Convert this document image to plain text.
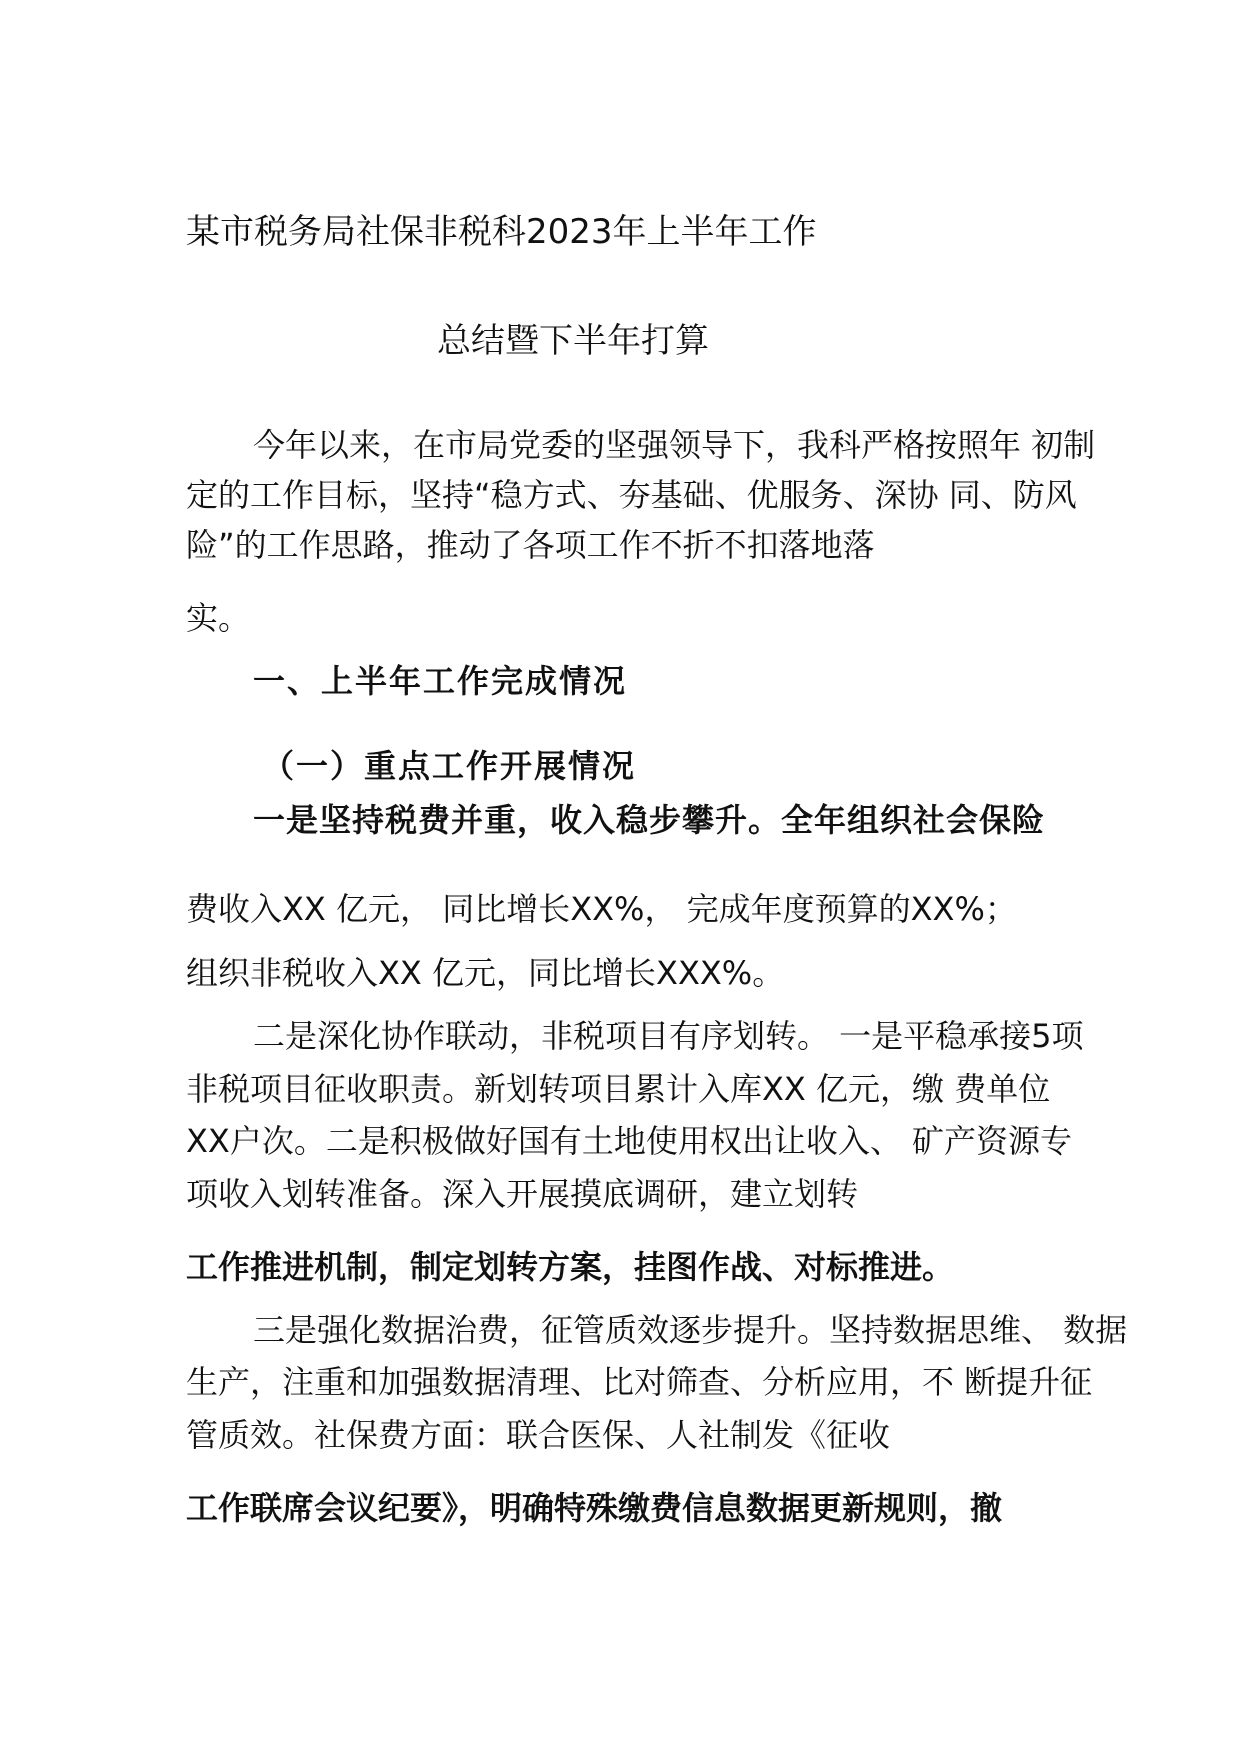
某市税务局社保非税科2023年上半年工作
总结暨下半年打算
今年以来，在市局党委的坚强领导下，我科严格按照年 初制
定的工作目标，坚持“稳方式、夯基础、优服务、深协 同、防风
险”的工作思路，推动了各项工作不折不扣落地落
实。
一、上半年工作完成情况
（一）重点工作开展情况
一是坚持税费并重，收入稳步攀升。全年组织社会保险
费收入XX 亿元， 同比增长XX%， 完成年度预算的XX%；
组织非税收入XX 亿元，同比增长XXX%。
二是深化协作联动，非税项目有序划转。 一是平稳承接5项
非税项目征收职责。新划转项目累计入库XX 亿元，缴 费单位
XX户次。二是积极做好国有土地使用权出让收入、 矿产资源专
项收入划转准备。深入开展摸底调研，建立划转
工作推进机制，制定划转方案，挂图作战、对标推进。
三是强化数据治费，征管质效逐步提升。坚持数据思维、 数据
生产，注重和加强数据清理、比对筛查、分析应用，不 断提升征
管质效。社保费方面：联合医保、人社制发《征收
工作联席会议纪要》，明确特殊缴费信息数据更新规则，撤
